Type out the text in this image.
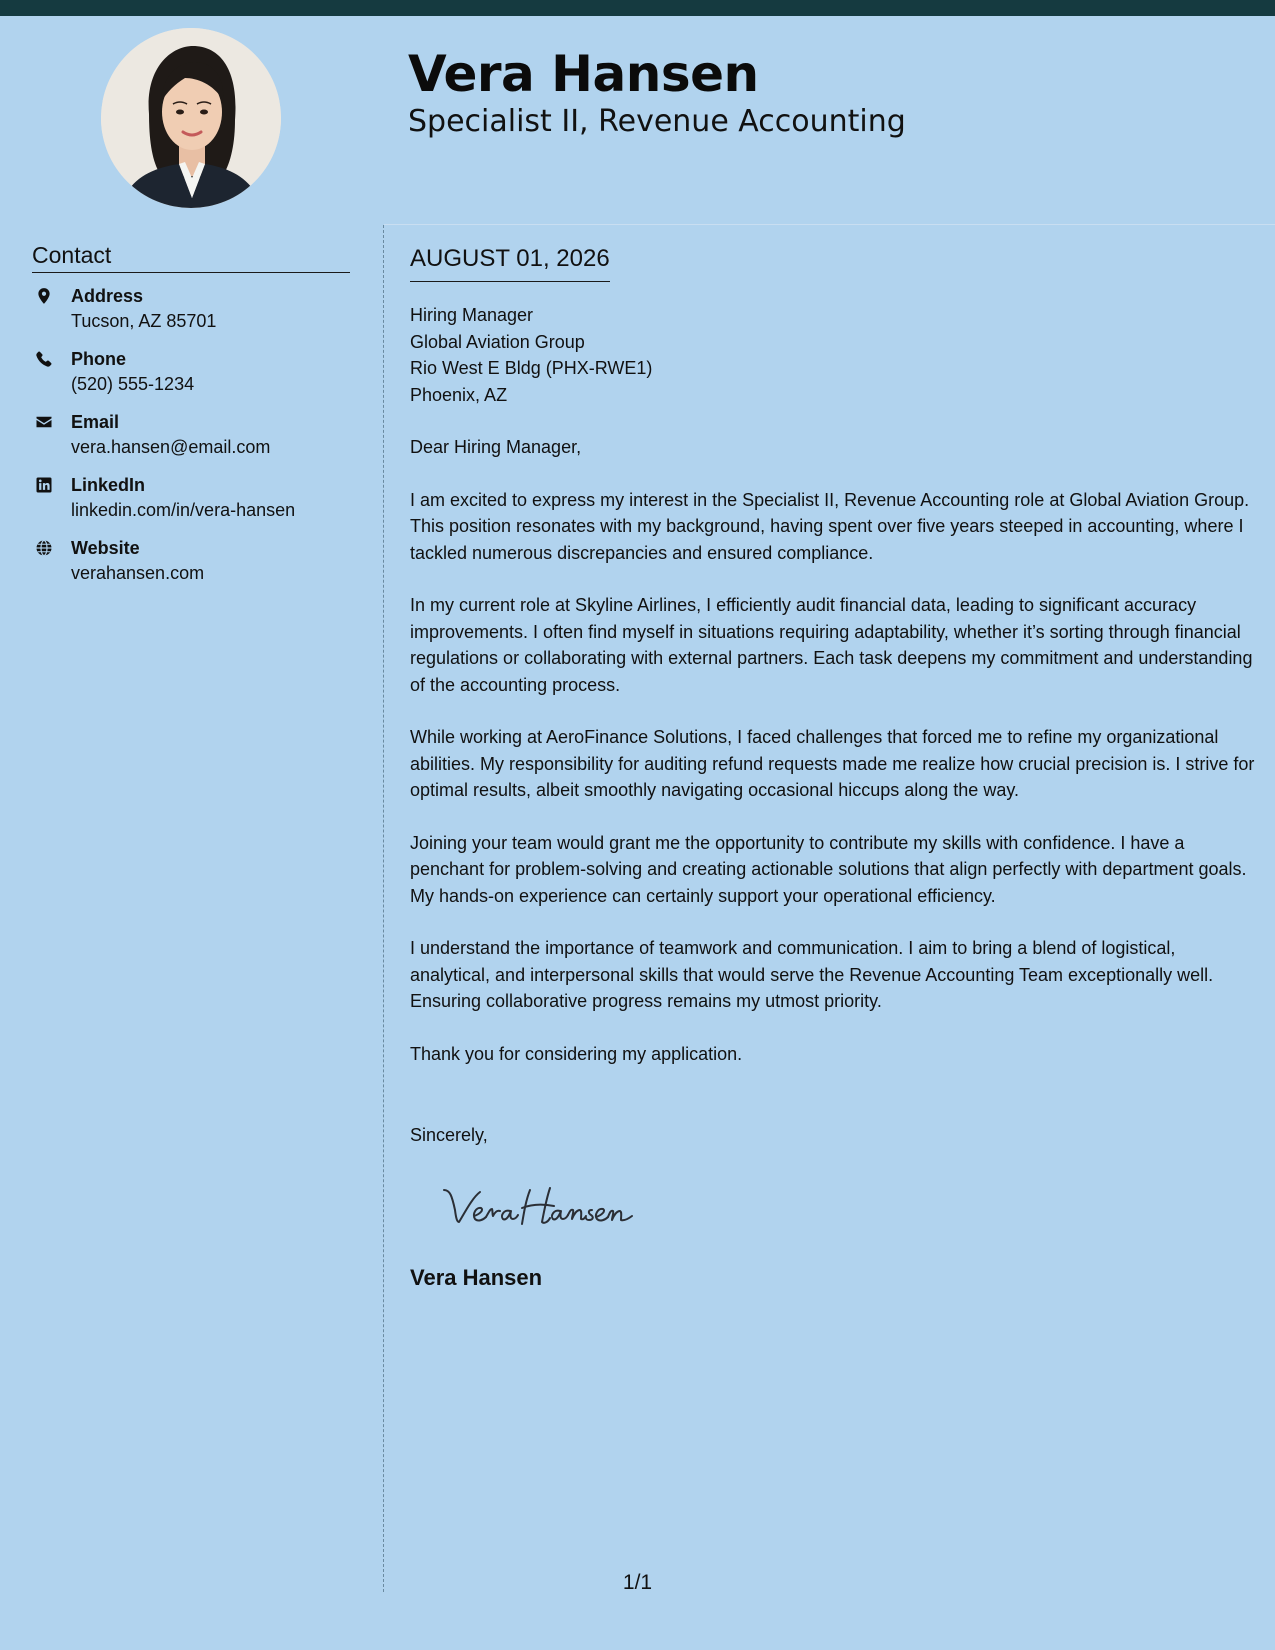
Vera Hansen
Specialist II, Revenue Accounting
Contact
Address
Tucson, AZ 85701
Phone
(520) 555-1234
Email
vera.hansen@email.com
LinkedIn
linkedin.com/in/vera-hansen
Website
verahansen.com
AUGUST 01, 2026
Hiring Manager
Global Aviation Group
Rio West E Bldg (PHX-RWE1)
Phoenix, AZ

Dear Hiring Manager,

I am excited to express my interest in the Specialist II, Revenue Accounting role at Global Aviation Group. This position resonates with my background, having spent over five years steeped in accounting, where I tackled numerous discrepancies and ensured compliance.

In my current role at Skyline Airlines, I efficiently audit financial data, leading to significant accuracy improvements. I often find myself in situations requiring adaptability, whether it’s sorting through financial regulations or collaborating with external partners. Each task deepens my commitment and understanding of the accounting process.

While working at AeroFinance Solutions, I faced challenges that forced me to refine my organizational abilities. My responsibility for auditing refund requests made me realize how crucial precision is. I strive for optimal results, albeit smoothly navigating occasional hiccups along the way.

Joining your team would grant me the opportunity to contribute my skills with confidence. I have a penchant for problem-solving and creating actionable solutions that align perfectly with department goals. My hands-on experience can certainly support your operational efficiency.

I understand the importance of teamwork and communication. I aim to bring a blend of logistical, analytical, and interpersonal skills that would serve the Revenue Accounting Team exceptionally well. Ensuring collaborative progress remains my utmost priority.

Thank you for considering my application.

Sincerely,
Vera Hansen
1/1
